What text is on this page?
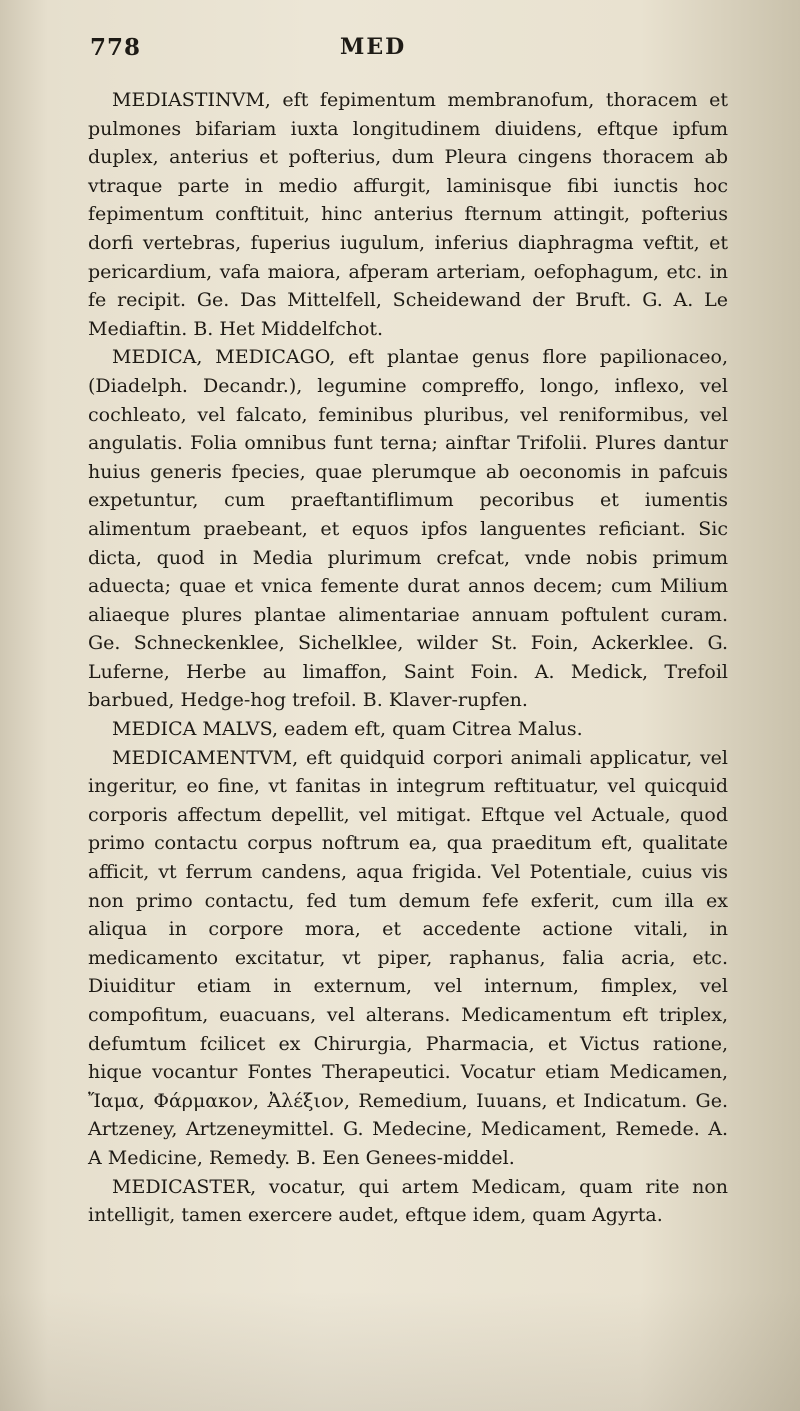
778	MED

MEDIASTINVM, eft fepimentum membranofum, thoracem et pulmones bifariam iuxta longitudinem diuidens, eftque ipfum duplex, anterius et pofterius, dum Pleura cingens thoracem ab vtraque parte in medio affurgit, laminisque fibi iunctis hoc fepimentum conftituit, hinc anterius fternum attingit, pofterius dorfi vertebras, fuperius iugulum, inferius diaphragma veftit, et pericardium, vafa maiora, afperam arteriam, oefophagum, etc. in fe recipit. Ge. Das Mittelfell, Scheidewand der Bruft. G. A. Le Mediaftin. B. Het Middelfchot.

MEDICA, MEDICAGO, eft plantae genus flore papilionaceo, (Diadelph. Decandr.), legumine compreffo, longo, inflexo, vel cochleato, vel falcato, feminibus pluribus, vel reniformibus, vel angulatis. Folia omnibus funt terna; ainftar Trifolii. Plures dantur huius generis fpecies, quae plerumque ab oeconomis in pafcuis expetuntur, cum praeftantiflimum pecoribus et iumentis alimentum praebeant, et equos ipfos languentes reficiant. Sic dicta, quod in Media plurimum crefcat, vnde nobis primum aduecta; quae et vnica femente durat annos decem; cum Milium aliaeque plures plantae alimentariae annuam poftulent curam. Ge. Schneckenklee, Sichelklee, wilder St. Foin, Ackerklee. G. Luferne, Herbe au limaffon, Saint Foin. A. Medick, Trefoil barbued, Hedge-hog trefoil. B. Klaver-rupfen.

MEDICA MALVS, eadem eft, quam Citrea Malus.

MEDICAMENTVM, eft quidquid corpori animali applicatur, vel ingeritur, eo fine, vt fanitas in integrum reftituatur, vel quicquid corporis affectum depellit, vel mitigat. Eftque vel Actuale, quod primo contactu corpus noftrum ea, qua praeditum eft, qualitate afficit, vt ferrum candens, aqua frigida. Vel Potentiale, cuius vis non primo contactu, fed tum demum fefe exferit, cum illa ex aliqua in corpore mora, et accedente actione vitali, in medicamento excitatur, vt piper, raphanus, falia acria, etc. Diuiditur etiam in externum, vel internum, fimplex, vel compofitum, euacuans, vel alterans. Medicamentum eft triplex, defumtum fcilicet ex Chirurgia, Pharmacia, et Victus ratione, hique vocantur Fontes Therapeutici. Vocatur etiam Medicamen, Ἴαμα, Φάρμακον, Ἀλέξιον, Remedium, Iuuans, et Indicatum. Ge. Artzeney, Artzeneymittel. G. Medecine, Medicament, Remede. A. A Medicine, Remedy. B. Een Genees-middel.

MEDICASTER, vocatur, qui artem Medicam, quam rite non intelligit, tamen exercere audet, eftque idem, quam Agyrta.
